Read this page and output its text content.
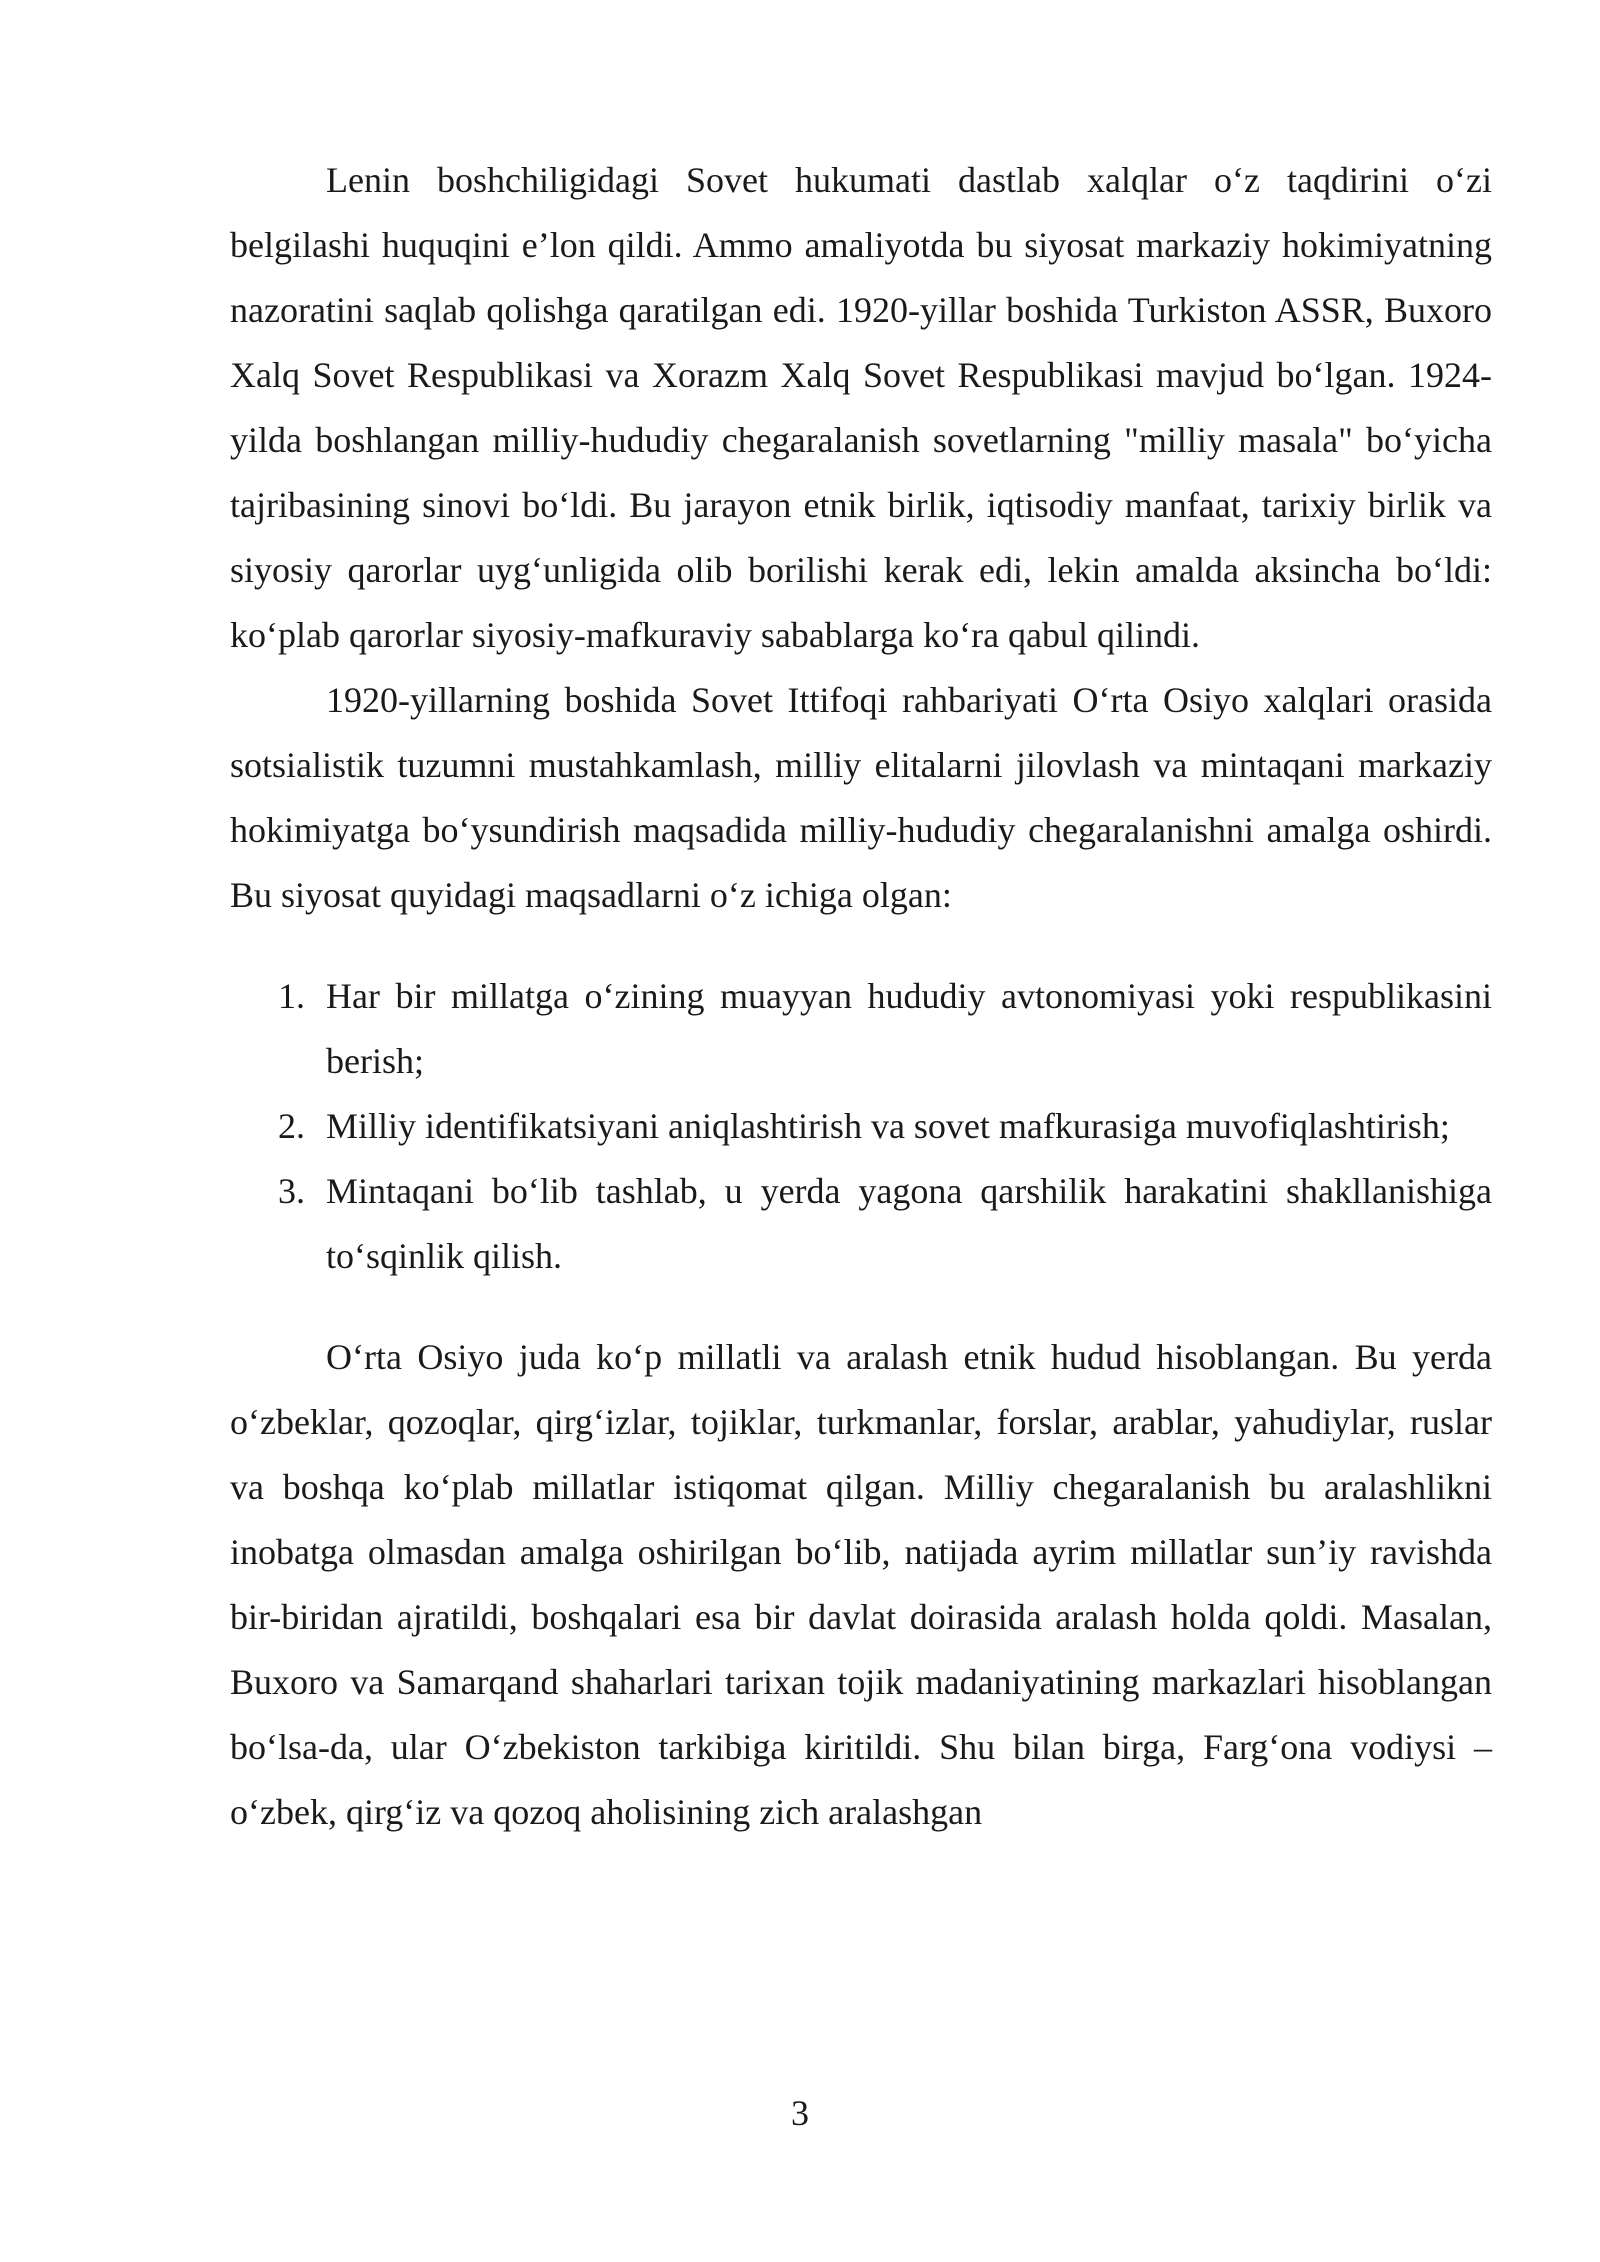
Lenin boshchiligidagi Sovet hukumati dastlab xalqlar o‘z taqdirini o‘zi belgilashi huquqini e’lon qildi. Ammo amaliyotda bu siyosat markaziy hokimiyatning nazoratini saqlab qolishga qaratilgan edi. 1920-yillar boshida Turkiston ASSR, Buxoro Xalq Sovet Respublikasi va Xorazm Xalq Sovet Respublikasi mavjud bo‘lgan. 1924-yilda boshlangan milliy-hududiy chegaralanish sovetlarning "milliy masala" bo‘yicha tajribasining sinovi bo‘ldi. Bu jarayon etnik birlik, iqtisodiy manfaat, tarixiy birlik va siyosiy qarorlar uyg‘unligida olib borilishi kerak edi, lekin amalda aksincha bo‘ldi: ko‘plab qarorlar siyosiy-mafkuraviy sabablarga ko‘ra qabul qilindi.

1920-yillarning boshida Sovet Ittifoqi rahbariyati O‘rta Osiyo xalqlari orasida sotsialistik tuzumni mustahkamlash, milliy elitalarni jilovlash va mintaqani markaziy hokimiyatga bo‘ysundirish maqsadida milliy-hududiy chegaralanishni amalga oshirdi. Bu siyosat quyidagi maqsadlarni o‘z ichiga olgan:

1. Har bir millatga o‘zining muayyan hududiy avtonomiyasi yoki respublikasini berish;
2. Milliy identifikatsiyani aniqlashtirish va sovet mafkurasiga muvofiqlashtirish;
3. Mintaqani bo‘lib tashlab, u yerda yagona qarshilik harakatini shakllanishiga to‘sqinlik qilish.

O‘rta Osiyo juda ko‘p millatli va aralash etnik hudud hisoblangan. Bu yerda o‘zbeklar, qozoqlar, qirg‘izlar, tojiklar, turkmanlar, forslar, arablar, yahudiylar, ruslar va boshqa ko‘plab millatlar istiqomat qilgan. Milliy chegaralanish bu aralashlikni inobatga olmasdan amalga oshirilgan bo‘lib, natijada ayrim millatlar sun’iy ravishda bir-biridan ajratildi, boshqalari esa bir davlat doirasida aralash holda qoldi. Masalan, Buxoro va Samarqand shaharlari tarixan tojik madaniyatining markazlari hisoblangan bo‘lsa-da, ular O‘zbekiston tarkibiga kiritildi. Shu bilan birga, Farg‘ona vodiysi – o‘zbek, qirg‘iz va qozoq aholisining zich aralashgan

3
